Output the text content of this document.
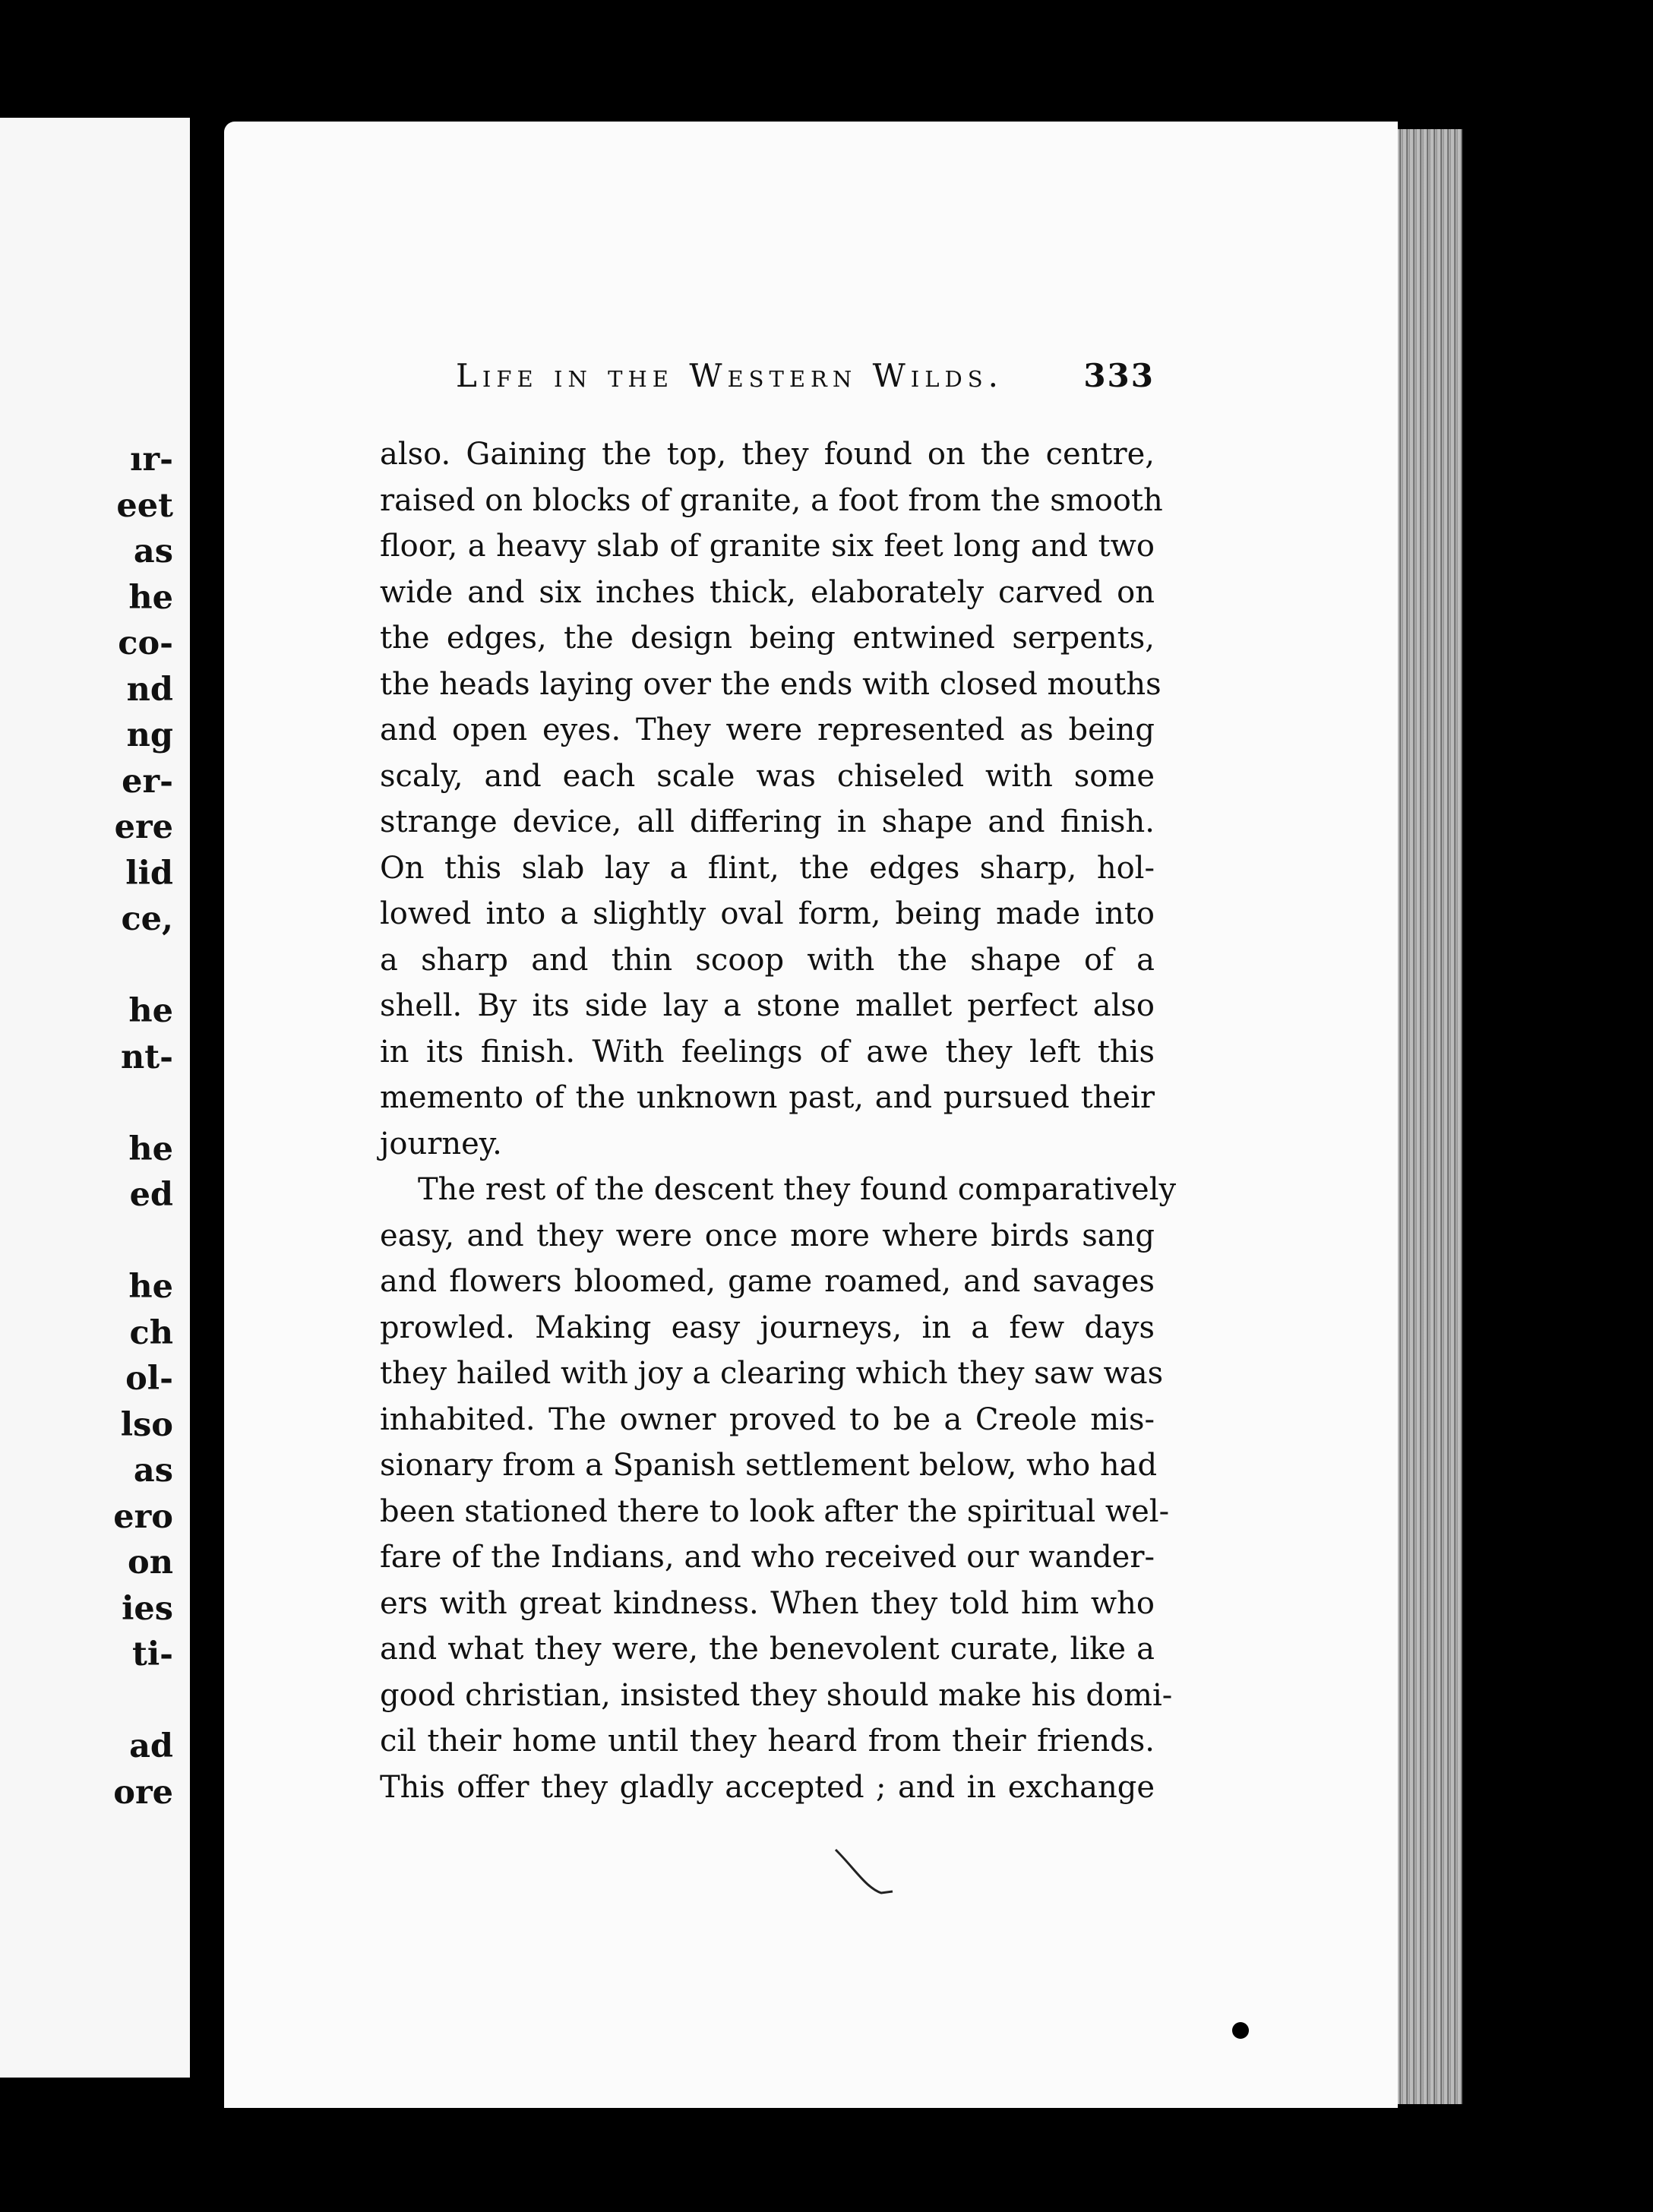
ır-
eet
as
he
co-
nd
ng
er-
ere
lid
ce,
he
nt-
he
ed
he
ch
ol-
lso
as
ero
on
ies
ti-
ad
ore
Life in the Western Wilds.	333
also. Gaining the top, they found on the centre,
raised on blocks of granite, a foot from the smooth
floor, a heavy slab of granite six feet long and two
wide and six inches thick, elaborately carved on
the edges, the design being entwined serpents,
the heads laying over the ends with closed mouths
and open eyes. They were represented as being
scaly, and each scale was chiseled with some
strange device, all differing in shape and finish.
On this slab lay a flint, the edges sharp, hol-
lowed into a slightly oval form, being made into
a sharp and thin scoop with the shape of a
shell. By its side lay a stone mallet perfect also
in its finish. With feelings of awe they left this
memento of the unknown past, and pursued their
journey.
The rest of the descent they found comparatively
easy, and they were once more where birds sang
and flowers bloomed, game roamed, and savages
prowled. Making easy journeys, in a few days
they hailed with joy a clearing which they saw was
inhabited. The owner proved to be a Creole mis-
sionary from a Spanish settlement below, who had
been stationed there to look after the spiritual wel-
fare of the Indians, and who received our wander-
ers with great kindness. When they told him who
and what they were, the benevolent curate, like a
good christian, insisted they should make his domi-
cil their home until they heard from their friends.
This offer they gladly accepted ; and in exchange
